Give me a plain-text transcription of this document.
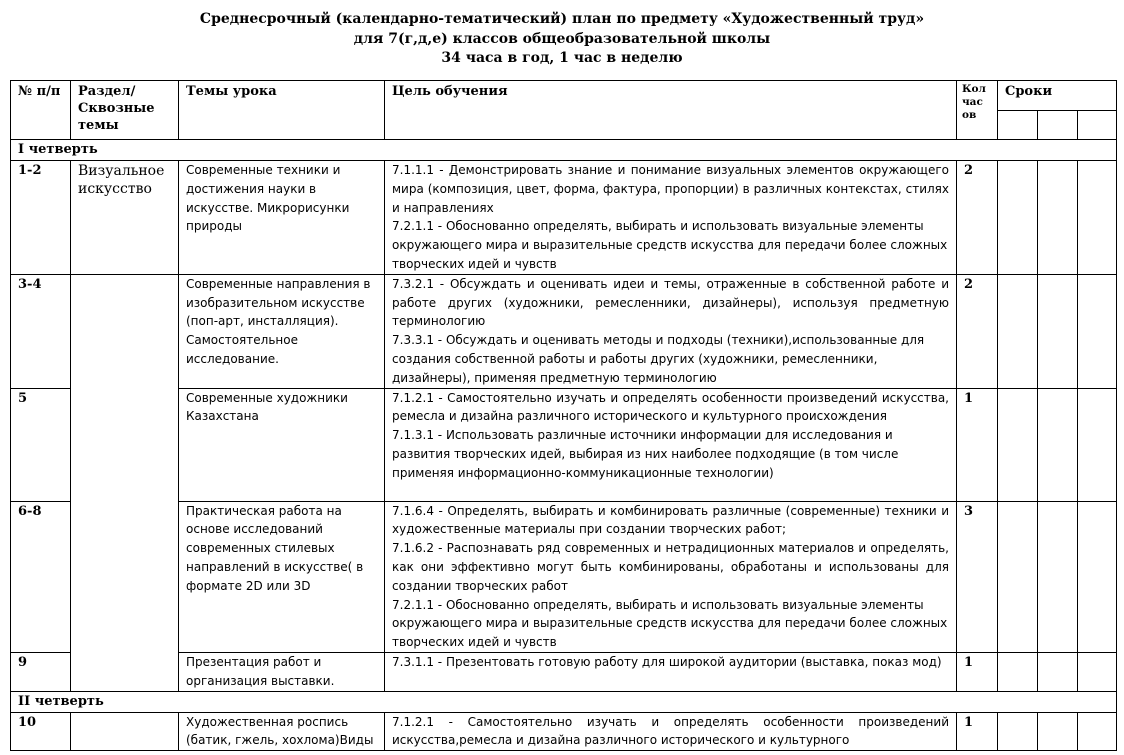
Среднесрочный (календарно-тематический) план по предмету «Художественный труд»
для 7(г,д,е) классов общеобразовательной школы
34 часа в год, 1 час в неделю
№ п/п	Раздел/ Сквозные темы	Темы урока	Цель обучения	Кол час ов	Сроки		

I четверть							
1-2	Визуальное искусство	Современные техники и достижения науки в искусстве. Микрорисунки природы	7.1.1.1 - Демонстрировать знание и понимание визуальных элементов окружающего мира (композиция, цвет, форма, фактура, пропорции) в различных контекстах, стилях и направлениях

7.2.1.1 - Обоснованно определять, выбирать и использовать визуальные элементы окружающего мира и выразительные средств искусства для передачи более сложных творческих идей и чувств	2			
3-4		Современные направления в изобразительном искусстве (поп-арт, инсталляция). Самостоятельное исследование.	7.3.2.1 - Обсуждать и оценивать идеи и темы, отраженные в собственной работе и работе других (художники, ремесленники, дизайнеры), используя предметную терминологию

7.3.3.1 - Обсуждать и оценивать методы и подходы (техники),использованные для создания собственной работы и работы других (художники, ремесленники, дизайнеры), применяя предметную терминологию	2			
5		Современные художники Казахстана	7.1.2.1 - Самостоятельно изучать и определять особенности произведений искусства, ремесла и дизайна различного исторического и культурного происхождения

7.1.3.1 - Использовать различные источники информации для исследования и развития творческих идей, выбирая из них наиболее подходящие (в том числе применяя информационно-коммуникационные технологии)	1			
6-8		Практическая работа на основе исследований современных стилевых направлений в искусстве( в формате 2D или 3D	7.1.6.4 - Определять, выбирать и комбинировать различные (современные) техники и художественные материалы при создании творческих работ;

7.1.6.2 - Распознавать ряд современных и нетрадиционных материалов и определять, как они эффективно могут быть комбинированы, обработаны и использованы для создании творческих работ

7.2.1.1 - Обоснованно определять, выбирать и использовать визуальные элементы окружающего мира и выразительные средств искусства для передачи более сложных творческих идей и чувств	3			
9		Презентация работ и организация выставки.	7.3.1.1 - Презентовать готовую работу для широкой аудитории (выставка, показ мод)	1			
II четверть							
10		Художественная роспись (батик, гжель, хохлома)Виды	7.1.2.1 - Самостоятельно изучать и определять особенности произведений искусства,ремесла и дизайна различного исторического и культурного	1			
